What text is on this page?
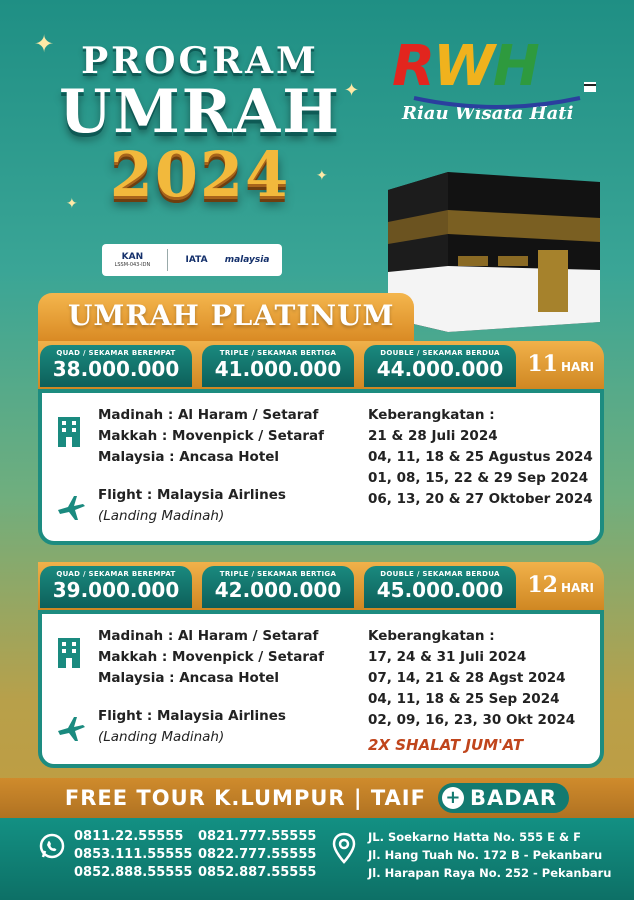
✦
✦
✦
✦
PROGRAM
UMRAH
2024
KAN
LSSM-043-IDN	IATA malaysia
RWH
Riau Wisata Hati
UMRAH PLATINUM
QUAD / SEKAMAR BEREMPAT
38.000.000
TRIPLE / SEKAMAR BERTIGA
41.000.000
DOUBLE / SEKAMAR BERDUA
44.000.000	11 HARI
Madinah : Al Haram / Setaraf
Makkah : Movenpick / Setaraf
Malaysia : Ancasa Hotel
Flight : Malaysia Airlines
(Landing Madinah)
Keberangkatan :
21 & 28 Juli 2024
04, 11, 18 & 25 Agustus 2024
01, 08, 15, 22 & 29 Sep 2024
06, 13, 20 & 27 Oktober 2024
QUAD / SEKAMAR BEREMPAT
39.000.000
TRIPLE / SEKAMAR BERTIGA
42.000.000
DOUBLE / SEKAMAR BERDUA
45.000.000	12 HARI
Madinah : Al Haram / Setaraf
Makkah : Movenpick / Setaraf
Malaysia : Ancasa Hotel
Flight : Malaysia Airlines
(Landing Madinah)
Keberangkatan :
17, 24 & 31 Juli 2024
07, 14, 21 & 28 Agst 2024
04, 11, 18 & 25 Sep 2024
02, 09, 16, 23, 30 Okt 2024
2X SHALAT JUM'AT
FREE TOUR K.LUMPUR | TAIF + BADAR
0811.22.55555	0821.777.55555
0853.111.55555 0822.777.55555
0852.888.55555 0852.887.55555
JL. Soekarno Hatta No. 555 E & F
Jl. Hang Tuah No. 172 B - Pekanbaru
Jl. Harapan Raya No. 252 - Pekanbaru
